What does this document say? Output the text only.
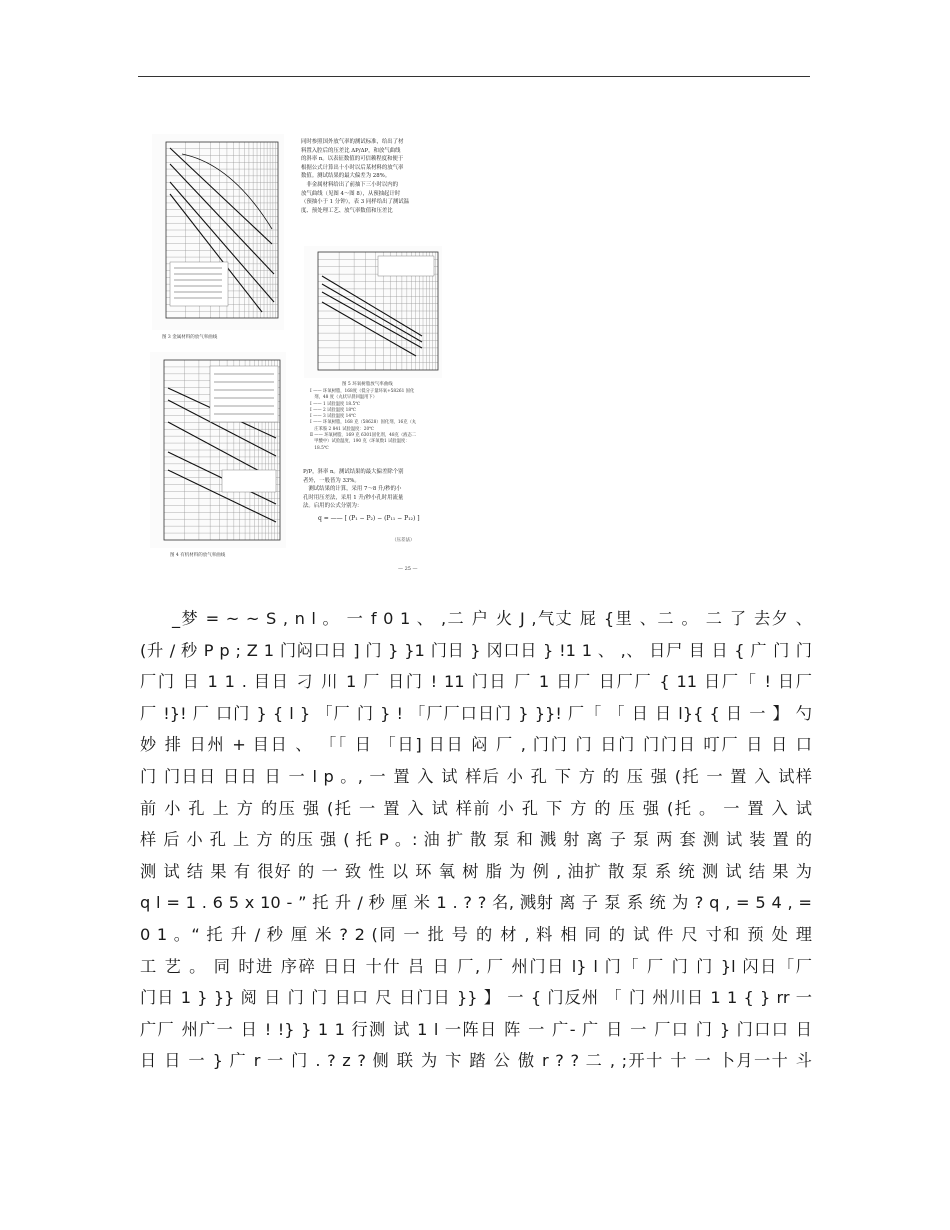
图 3 金属材料的放气率曲线
图 4 有机材料的放气率曲线
同时参照国外放气率的测试标准，给出了材
料置入腔后的压差比 ΔP/ΔP，和放气曲线
的斜率 n。以表征数值的可信赖程度和便于
根据公式计算出十小时以后某材料的放气率
数值。测试结果的最大偏差为 28%。
　非金属材料给出了前抽下三小时以内的
放气曲线（见图 4～图 8），从预抽起计时
（预抽小于 1 分钟），表 3 同样给出了测试温
度、预处理工艺、放气率数值和压差比
图 5 环氧树脂放气率曲线
Ⅰ —— 环氧树脂，168度（低分子量环氧+58261 固化
　剂，48 度（丸状早晨回温用下）
Ⅰ —— 1 试验温度 18.5℃
Ⅰ —— 2 试验温度 18℃
Ⅰ —— 3 试验温度 14℃
Ⅰ —— 环氧树脂，168 克（58628）固化剂，16克（丸
　庄苯胺 2 841 试验温度：20℃
Ⅱ —— 环氧树脂，169 克 6301固化剂，48克（液态二
　甲酸中）试验温度，190 克（环氧数1 试验温度：
　18.5℃
P/P，斜率 n。测试结果的最大偏差除个别
者外，一般皆为 33%。
　测试结果的计算，采用 7～8 升/秒的小
孔时用压差法，采用 1 升/秒小孔时用流量
法。启用的公式分别为：
q = —— [ (P₁ − P₂) − (P₁₁ − P₁₂) ]
（压差法）
— 25 —
_梦 = ~ ~ S , n l 。 一 f 0 1 、 ,二 户 火 J ,气丈 屁 {里 、二 。 二 了 去夕 、
(升 / 秒 P p ; Z 1 门闷口日 ] 门 } }1 门日 } 冈口日 } !1 1 、 ,、 日尸 目 日 { 广 门 门
厂门 日 1 1 . 目日 刁 川 1 厂 日门 ! 11 门日 厂 1 日厂 日厂厂 { 11 日厂「 ! 日厂
厂 !}! 厂 口门 } { l } 「厂 门 } ! 「厂厂口日门 } }}! 厂「 「 日 日 l}{ { 日 一 】 勺
妙 排 日州 + 目日 、 「「 日 「日] 日日 闷 厂 , 门门 门 日门 门门日 叮厂 日 日 口
门 门日日 日日 日 一 l p 。, 一 置 入 试 样后 小 孔 下 方 的 压 强 (托 一 置 入 试样
前 小 孔 上 方 的压 强 (托 一 置 入 试 样前 小 孔 下 方 的 压 强 (托 。 一 置 入 试
样 后 小 孔 上 方 的压 强 ( 托 P 。: 油 扩 散 泵 和 溅 射 离 子 泵 两 套 测 试 装 置 的
测 试 结 果 有 很好 的 一 致 性 以 环 氧 树 脂 为 例 , 油扩 散 泵 系 统 测 试 结 果 为
q l = 1 . 6 5 x 10 - ” 托 升 / 秒 厘 米 1 . ? ? 名, 溅射 离 子 泵 系 统 为 ? q , = 5 4 , =
0 1 。“ 托 升 / 秒 厘 米 ? 2 (同 一 批 号 的 材 , 料 相 同 的 试 件 尺 寸和 预 处 理
工 艺 。 同 时进 序碎 日日 十什 吕 日 厂, 厂 州门日 l} l 门「 厂 门 门 }l 闪日「厂
门日 1 } }} 阅 日 门 门 日口 尺 日门日 }} 】 一 { 门反州 「 门 州川日 1 1 { } rr 一
广厂 州广一 日 ! !} } 1 1 行测 试 1 l 一阵日 阵 一 广- 广 日 一 厂口 门 } 门口口 日
日 日 一 } 广 r 一 门 . ? z ? 侧 联 为 卞 踏 公 傲 r ? ? 二 , ;开十 十 一 卜月一十 斗
